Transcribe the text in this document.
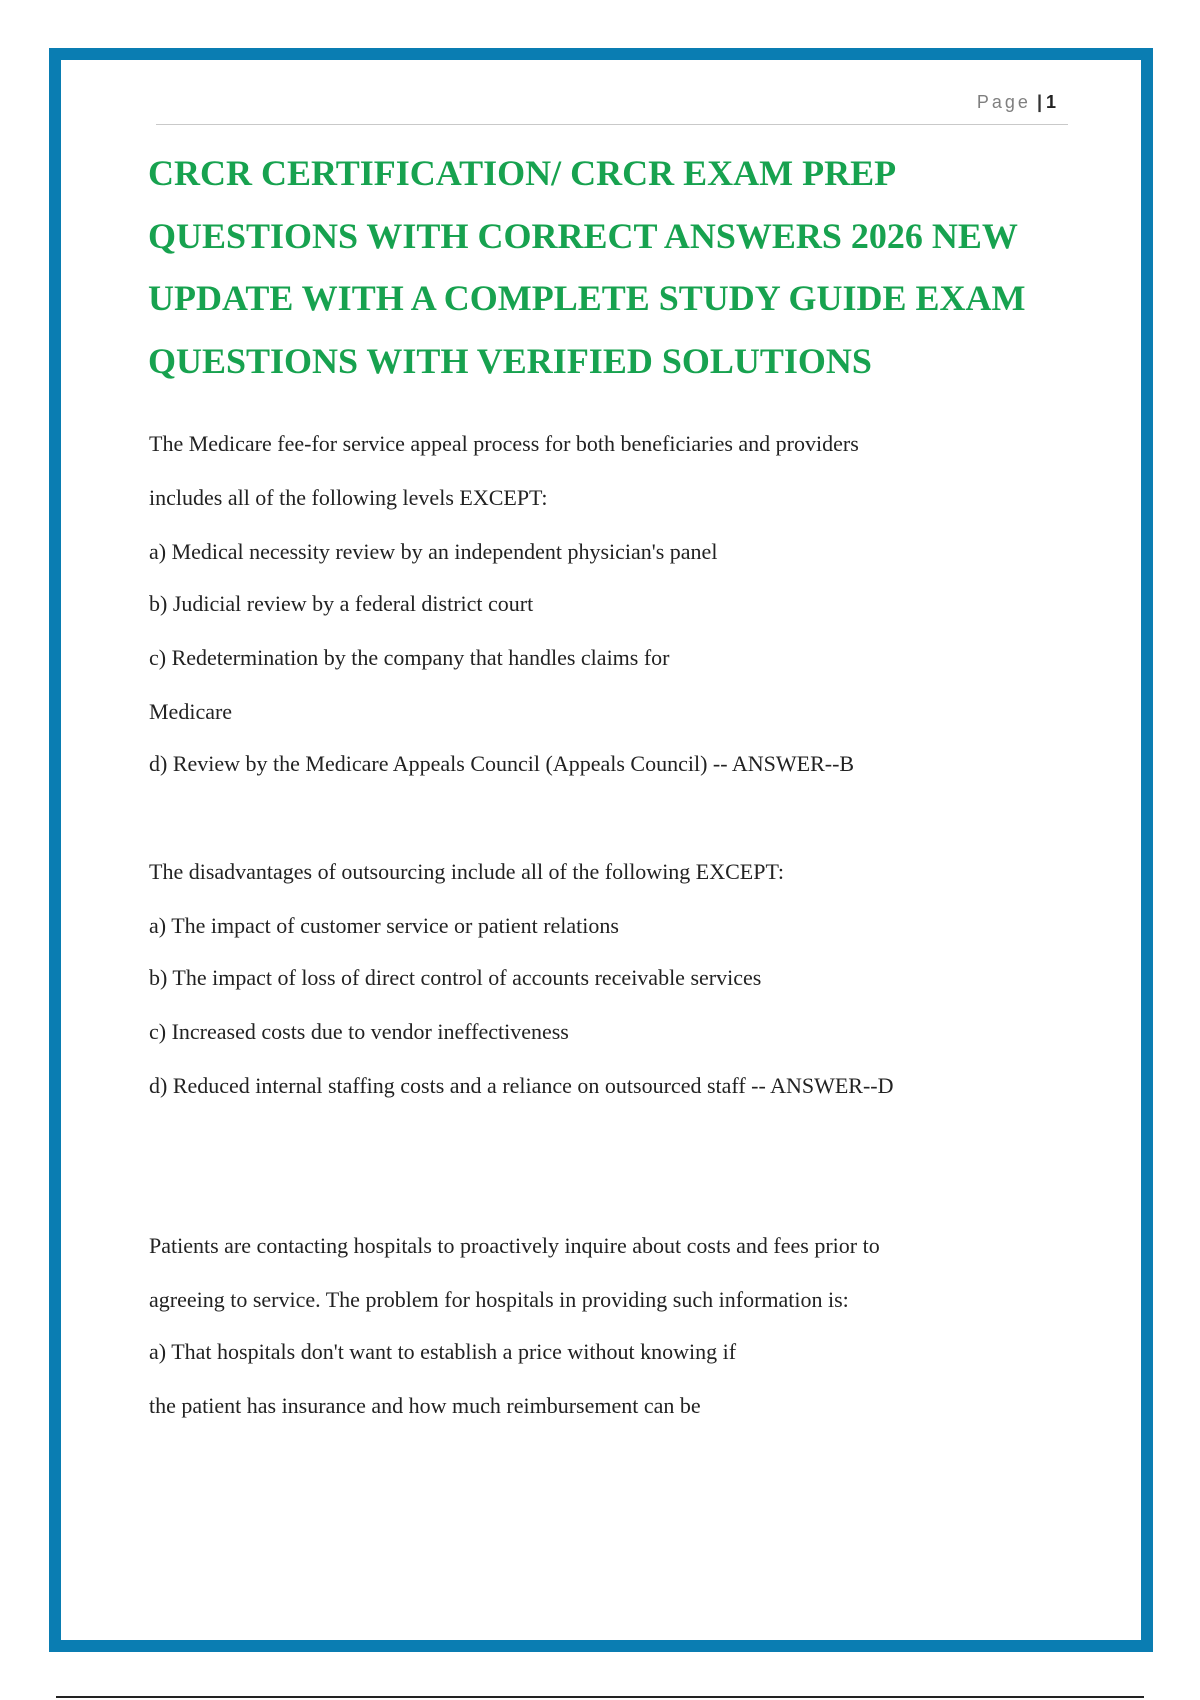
Page | 1
CRCR CERTIFICATION/ CRCR EXAM PREP QUESTIONS WITH CORRECT ANSWERS 2026 NEW UPDATE WITH A COMPLETE STUDY GUIDE EXAM QUESTIONS WITH VERIFIED SOLUTIONS

The Medicare fee-for service appeal process for both beneficiaries and providers

includes all of the following levels EXCEPT:

a) Medical necessity review by an independent physician's panel

b) Judicial review by a federal district court

c) Redetermination by the company that handles claims for

Medicare

d) Review by the Medicare Appeals Council (Appeals Council) -- ANSWER--B

The disadvantages of outsourcing include all of the following EXCEPT:

a) The impact of customer service or patient relations

b) The impact of loss of direct control of accounts receivable services

c) Increased costs due to vendor ineffectiveness

d) Reduced internal staffing costs and a reliance on outsourced staff -- ANSWER--D

Patients are contacting hospitals to proactively inquire about costs and fees prior to

agreeing to service. The problem for hospitals in providing such information is:

a) That hospitals don't want to establish a price without knowing if

the patient has insurance and how much reimbursement can be
